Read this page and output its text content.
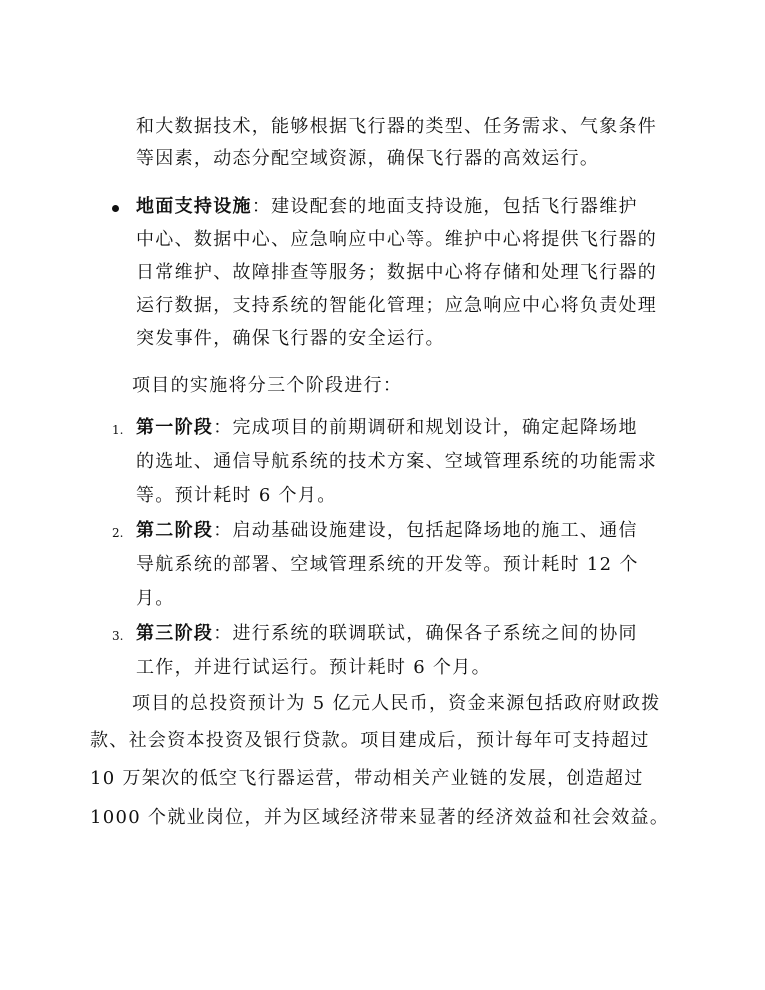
和大数据技术，能够根据飞行器的类型、任务需求、气象条件
等因素，动态分配空域资源，确保飞行器的高效运行。
地面支持设施：建设配套的地面支持设施，包括飞行器维护
中心、数据中心、应急响应中心等。维护中心将提供飞行器的
日常维护、故障排查等服务；数据中心将存储和处理飞行器的
运行数据，支持系统的智能化管理；应急响应中心将负责处理
突发事件，确保飞行器的安全运行。
项目的实施将分三个阶段进行：
1. 第一阶段：完成项目的前期调研和规划设计，确定起降场地
的选址、通信导航系统的技术方案、空域管理系统的功能需求
等。预计耗时 6 个月。
2. 第二阶段：启动基础设施建设，包括起降场地的施工、通信
导航系统的部署、空域管理系统的开发等。预计耗时 12 个
月。
3. 第三阶段：进行系统的联调联试，确保各子系统之间的协同
工作，并进行试运行。预计耗时 6 个月。
项目的总投资预计为 5 亿元人民币，资金来源包括政府财政拨
款、社会资本投资及银行贷款。项目建成后，预计每年可支持超过
10 万架次的低空飞行器运营，带动相关产业链的发展，创造超过
1000 个就业岗位，并为区域经济带来显著的经济效益和社会效益。
